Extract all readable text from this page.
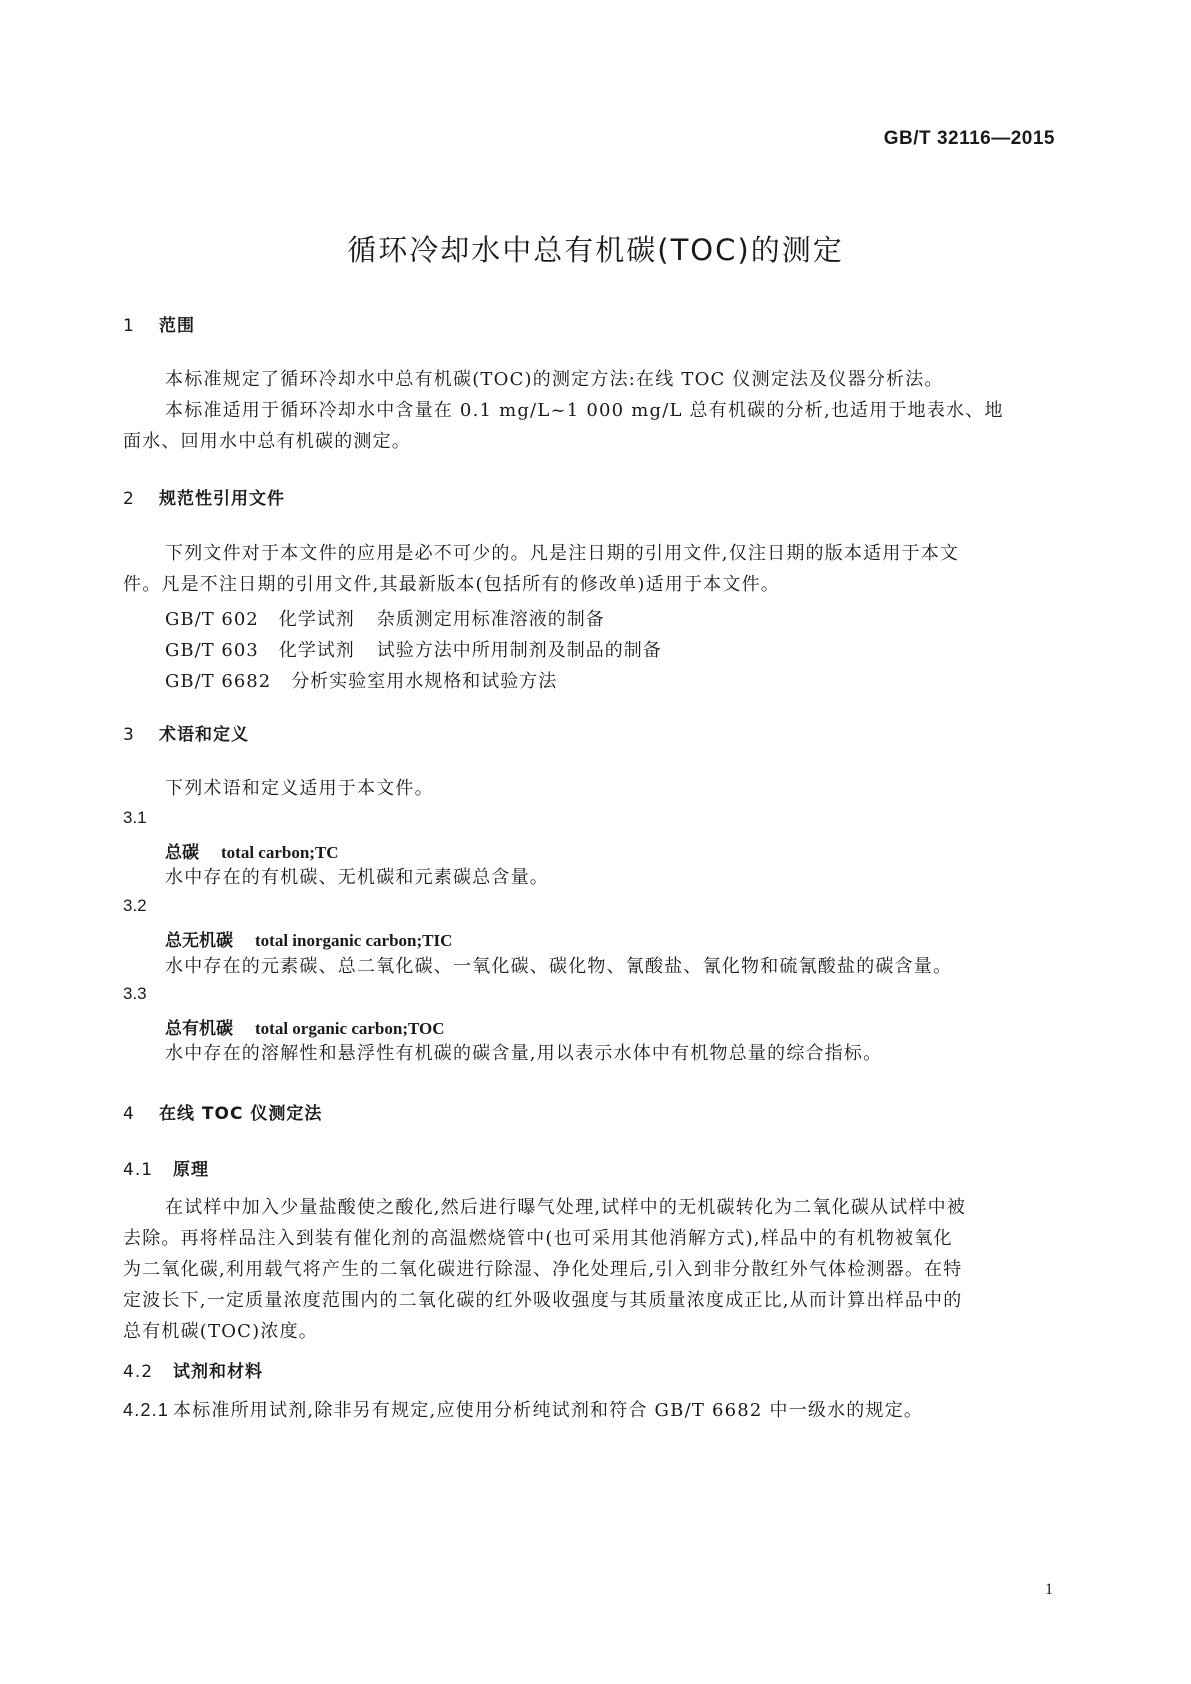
GB/T 32116—2015
循环冷却水中总有机碳(TOC)的测定
1 范围
本标准规定了循环冷却水中总有机碳(TOC)的测定方法:在线 TOC 仪测定法及仪器分析法。
本标准适用于循环冷却水中含量在 0.1 mg/L~1 000 mg/L 总有机碳的分析,也适用于地表水、地
面水、回用水中总有机碳的测定。
2 规范性引用文件
下列文件对于本文件的应用是必不可少的。凡是注日期的引用文件,仅注日期的版本适用于本文
件。凡是不注日期的引用文件,其最新版本(包括所有的修改单)适用于本文件。
GB/T 602 化学试剂 杂质测定用标准溶液的制备
GB/T 603 化学试剂 试验方法中所用制剂及制品的制备
GB/T 6682 分析实验室用水规格和试验方法
3 术语和定义
下列术语和定义适用于本文件。
3.1
总碳 total carbon;TC
水中存在的有机碳、无机碳和元素碳总含量。
3.2
总无机碳 total inorganic carbon;TIC
水中存在的元素碳、总二氧化碳、一氧化碳、碳化物、氰酸盐、氰化物和硫氰酸盐的碳含量。
3.3
总有机碳 total organic carbon;TOC
水中存在的溶解性和悬浮性有机碳的碳含量,用以表示水体中有机物总量的综合指标。
4 在线 TOC 仪测定法
4.1 原理
在试样中加入少量盐酸使之酸化,然后进行曝气处理,试样中的无机碳转化为二氧化碳从试样中被
去除。再将样品注入到装有催化剂的高温燃烧管中(也可采用其他消解方式),样品中的有机物被氧化
为二氧化碳,利用载气将产生的二氧化碳进行除湿、净化处理后,引入到非分散红外气体检测器。在特
定波长下,一定质量浓度范围内的二氧化碳的红外吸收强度与其质量浓度成正比,从而计算出样品中的
总有机碳(TOC)浓度。
4.2 试剂和材料
4.2.1 本标准所用试剂,除非另有规定,应使用分析纯试剂和符合 GB/T 6682 中一级水的规定。
1
